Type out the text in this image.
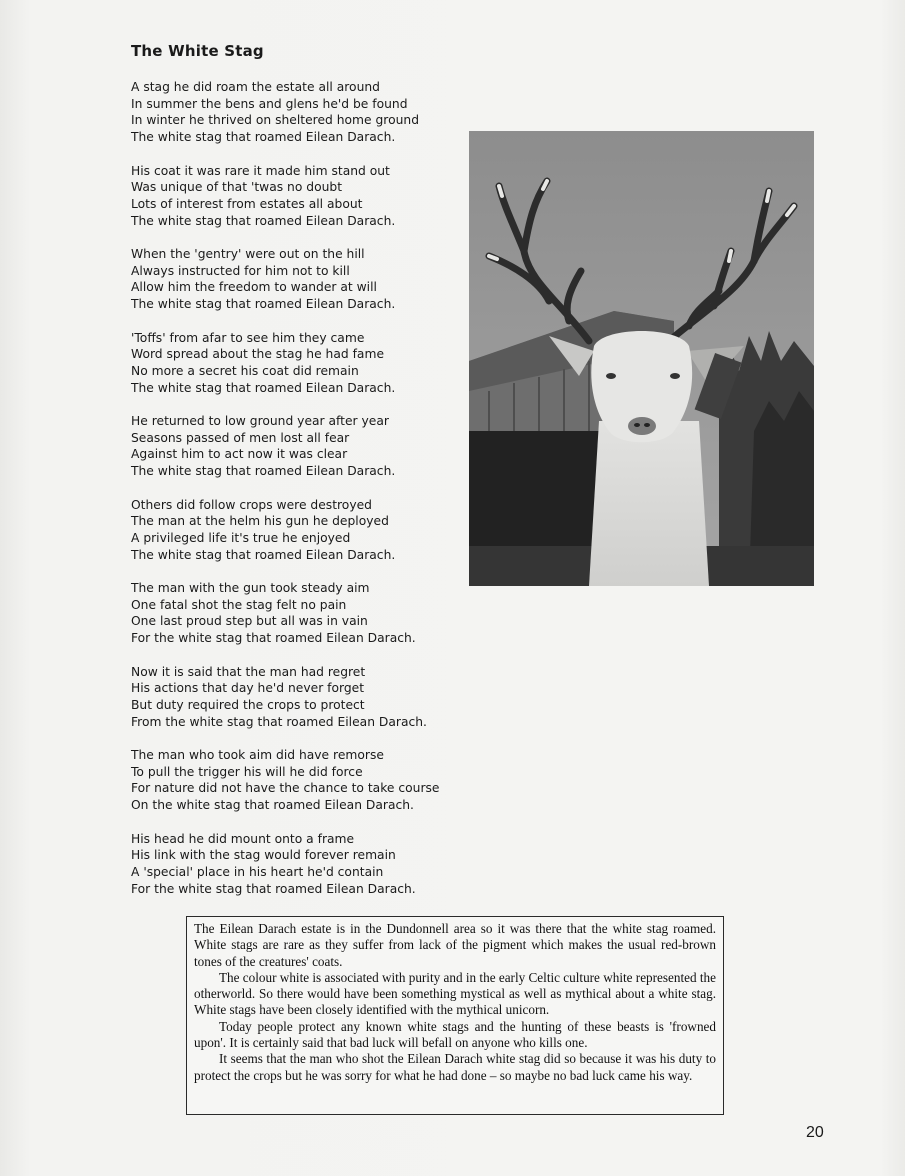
The White Stag
A stag he did roam the estate all around
In summer the bens and glens he'd be found
In winter he thrived on sheltered home ground
The white stag that roamed Eilean Darach.
His coat it was rare it made him stand out
Was unique of that 'twas no doubt
Lots of interest from estates all about
The white stag that roamed Eilean Darach.
When the 'gentry' were out on the hill
Always instructed for him not to kill
Allow him the freedom to wander at will
The white stag that roamed Eilean Darach.
'Toffs' from afar to see him they came
Word spread about the stag he had fame
No more a secret his coat did remain
The white stag that roamed Eilean Darach.
He returned to low ground year after year
Seasons passed of men lost all fear
Against him to act now it was clear
The white stag that roamed Eilean Darach.
Others did follow crops were destroyed
The man at the helm his gun he deployed
A privileged life it's true he enjoyed
The white stag that roamed Eilean Darach.
The man with the gun took steady aim
One fatal shot the stag felt no pain
One last proud step but all was in vain
For the white stag that roamed Eilean Darach.
Now it is said that the man had regret
His actions that day he'd never forget
But duty required the crops to protect
From the white stag that roamed Eilean Darach.
The man who took aim did have remorse
To pull the trigger his will he did force
For nature did not have the chance to take course
On the white stag that roamed Eilean Darach.
His head he did mount onto a frame
His link with the stag would forever remain
A 'special' place in his heart he'd contain
For the white stag that roamed Eilean Darach.

The Eilean Darach estate is in the Dundonnell area so it was there that the white stag roamed. White stags are rare as they suffer from lack of the pigment which makes the usual red-brown tones of the creatures' coats.

The colour white is associated with purity and in the early Celtic culture white represented the otherworld. So there would have been something mystical as well as mythical about a white stag. White stags have been closely identified with the mythical unicorn.

Today people protect any known white stags and the hunting of these beasts is 'frowned upon'. It is certainly said that bad luck will befall on anyone who kills one.

It seems that the man who shot the Eilean Darach white stag did so because it was his duty to protect the crops but he was sorry for what he had done – so maybe no bad luck came his way.

20
